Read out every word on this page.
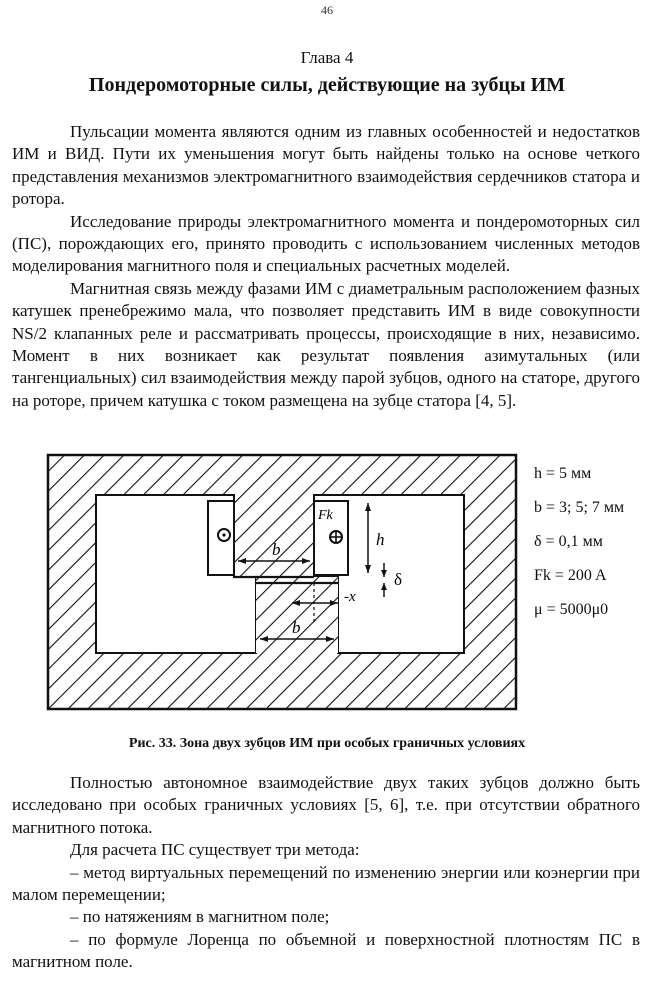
46
Глава 4
Пондеромоторные силы, действующие на зубцы ИМ

Пульсации момента являются одним из главных особенностей и недостатков ИМ и ВИД. Пути их уменьшения могут быть найдены только на основе четкого представления механизмов электромагнитного взаимодействия сердечников статора и ротора.

Исследование природы электромагнитного момента и пондеромоторных сил (ПС), порождающих его, принято проводить с использованием численных методов моделирования магнитного поля и специальных расчетных моделей.

Магнитная связь между фазами ИМ с диаметральным расположением фазных катушек пренебрежимо мала, что позволяет представить ИМ в виде совокупности NS/2 клапанных реле и рассматривать процессы, происходящие в них, независимо. Момент в них возникает как результат появления азимутальных (или тангенциальных) сил взаимодействия между парой зубцов, одного на статоре, другого на роторе, причем катушка с током размещена на зубце статора [4, 5].

b
h
Fk
δ
-x
b
h = 5 мм
b = 3; 5; 7 мм
δ = 0,1 мм
Fk = 200 A
μ = 5000μ0
Рис. 33. Зона двух зубцов ИМ при особых граничных условиях

Полностью автономное взаимодействие двух таких зубцов должно быть исследовано при особых граничных условиях [5, 6], т.е. при отсутствии обратного магнитного потока.

Для расчета ПС существует три метода:

– метод виртуальных перемещений по изменению энергии или коэнергии при малом перемещении;

– по натяжениям в магнитном поле;

– по формуле Лоренца по объемной и поверхностной плотностям ПС в магнитном поле.
